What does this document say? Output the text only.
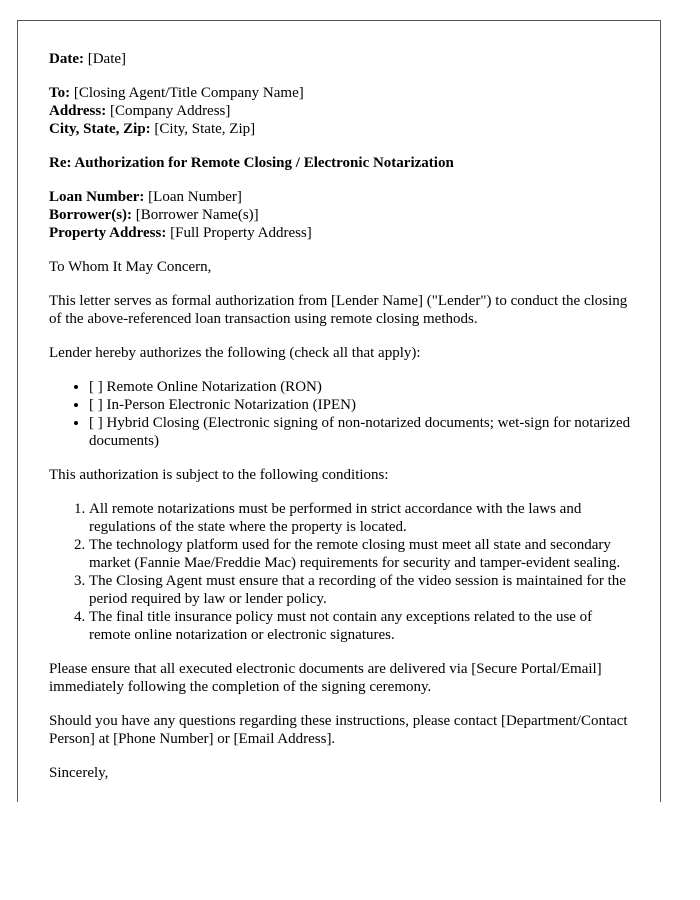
Date: [Date]

To: [Closing Agent/Title Company Name]
Address: [Company Address]
City, State, Zip: [City, State, Zip]

Re: Authorization for Remote Closing / Electronic Notarization

Loan Number: [Loan Number]
Borrower(s): [Borrower Name(s)]
Property Address: [Full Property Address]

To Whom It May Concern,

This letter serves as formal authorization from [Lender Name] ("Lender") to conduct the closing of the above-referenced loan transaction using remote closing methods.

Lender hereby authorizes the following (check all that apply):

• [ ] Remote Online Notarization (RON)
• [ ] In-Person Electronic Notarization (IPEN)
• [ ] Hybrid Closing (Electronic signing of non-notarized documents; wet-sign for notarized documents)

This authorization is subject to the following conditions:

1. All remote notarizations must be performed in strict accordance with the laws and regulations of the state where the property is located.
2. The technology platform used for the remote closing must meet all state and secondary market (Fannie Mae/Freddie Mac) requirements for security and tamper-evident sealing.
3. The Closing Agent must ensure that a recording of the video session is maintained for the period required by law or lender policy.
4. The final title insurance policy must not contain any exceptions related to the use of remote online notarization or electronic signatures.

Please ensure that all executed electronic documents are delivered via [Secure Portal/Email] immediately following the completion of the signing ceremony.

Should you have any questions regarding these instructions, please contact [Department/Contact Person] at [Phone Number] or [Email Address].

Sincerely,
